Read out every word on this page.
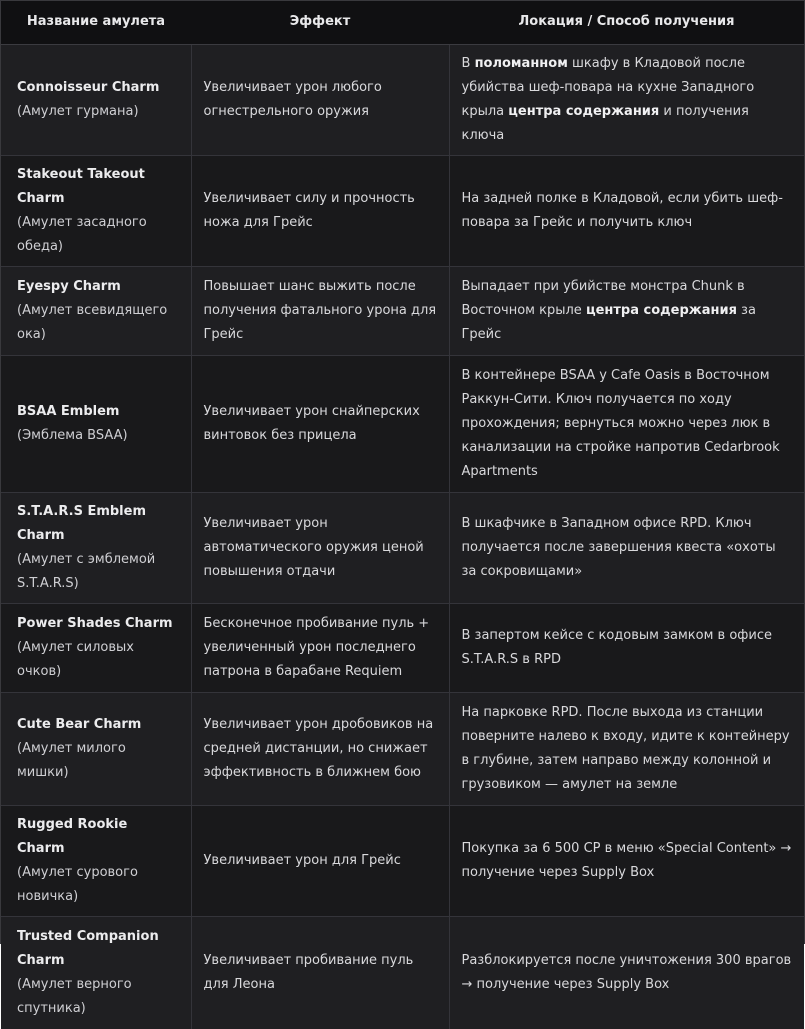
Название амулета	Эффект	Локация / Способ получения

Connoisseur Charm
(Амулет гурмана)	Увеличивает урон любого огнестрельного оружия	В поломанном шкафу в Кладовой после убийства шеф-повара на кухне Западного крыла центра содержания и получения ключа

Stakeout Takeout Charm
(Амулет засадного обеда)	Увеличивает силу и прочность ножа для Грейс	На задней полке в Кладовой, если убить шеф-повара за Грейс и получить ключ

Eyespy Charm
(Амулет всевидящего ока)	Повышает шанс выжить после получения фатального урона для Грейс	Выпадает при убийстве монстра Chunk в Восточном крыле центра содержания за Грейс

BSAA Emblem
(Эмблема BSAA)	Увеличивает урон снайперских винтовок без прицела	В контейнере BSAA у Cafe Oasis в Восточном Раккун-Сити. Ключ получается по ходу прохождения; вернуться можно через люк в канализации на стройке напротив Cedarbrook Apartments

S.T.A.R.S Emblem Charm
(Амулет с эмблемой S.T.A.R.S)	Увеличивает урон автоматического оружия ценой повышения отдачи	В шкафчике в Западном офисе RPD. Ключ получается после завершения квеста «охоты за сокровищами»

Power Shades Charm
(Амулет силовых очков)	Бесконечное пробивание пуль + увеличенный урон последнего патрона в барабане Requiem	В запертом кейсе с кодовым замком в офисе S.T.A.R.S в RPD

Cute Bear Charm
(Амулет милого мишки)	Увеличивает урон дробовиков на средней дистанции, но снижает эффективность в ближнем бою	На парковке RPD. После выхода из станции поверните налево к входу, идите к контейнеру в глубине, затем направо между колонной и грузовиком — амулет на земле

Rugged Rookie Charm
(Амулет сурового новичка)	Увеличивает урон для Грейс	Покупка за 6 500 CP в меню «Special Content» → получение через Supply Box

Trusted Companion Charm
(Амулет верного спутника)	Увеличивает пробивание пуль для Леона	Разблокируется после уничтожения 300 врагов → получение через Supply Box
